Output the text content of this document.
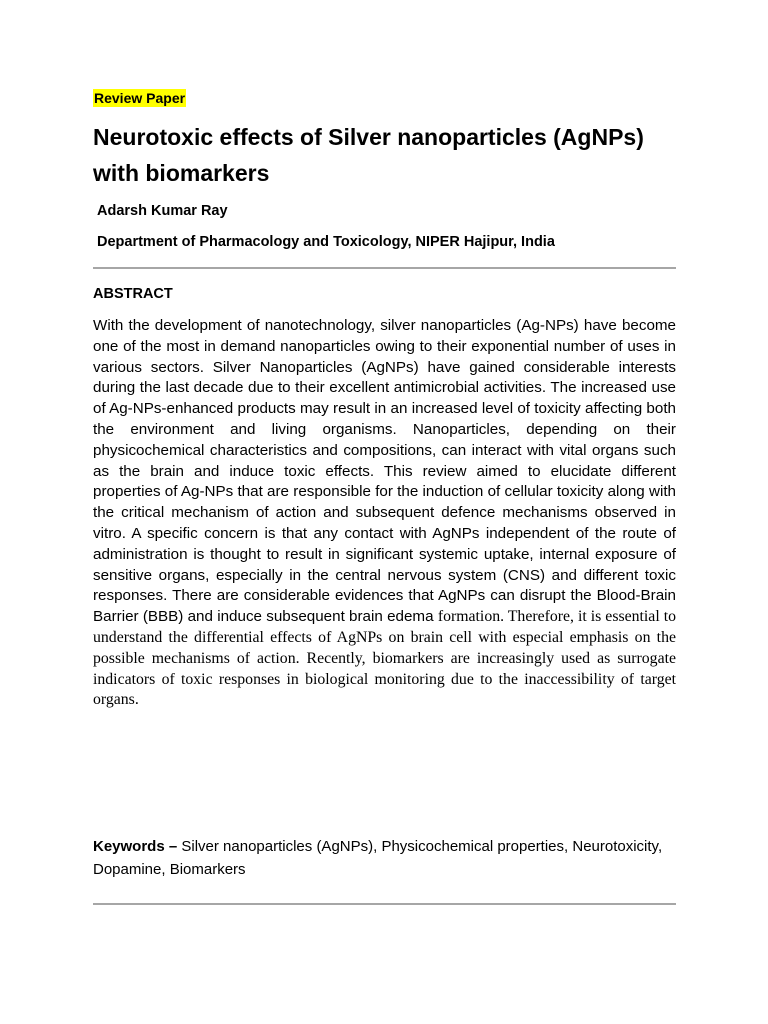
Review Paper
Neurotoxic effects of Silver nanoparticles (AgNPs) with biomarkers
Adarsh Kumar Ray
Department of Pharmacology and Toxicology, NIPER Hajipur, India
ABSTRACT
With the development of nanotechnology, silver nanoparticles (Ag-NPs) have become one of the most in demand nanoparticles owing to their exponential number of uses in various sectors. Silver Nanoparticles (AgNPs) have gained considerable interests during the last decade due to their excellent antimicrobial activities. The increased use of Ag-NPs-enhanced products may result in an increased level of toxicity affecting both the environment and living organisms. Nanoparticles, depending on their physicochemical characteristics and compositions, can interact with vital organs such as the brain and induce toxic effects. This review aimed to elucidate different properties of Ag-NPs that are responsible for the induction of cellular toxicity along with the critical mechanism of action and subsequent defence mechanisms observed in vitro. A specific concern is that any contact with AgNPs independent of the route of administration is thought to result in significant systemic uptake, internal exposure of sensitive organs, especially in the central nervous system (CNS) and different toxic responses. There are considerable evidences that AgNPs can disrupt the Blood-Brain Barrier (BBB) and induce subsequent brain edema formation. Therefore, it is essential to understand the differential effects of AgNPs on brain cell with especial emphasis on the possible mechanisms of action. Recently, biomarkers are increasingly used as surrogate indicators of toxic responses in biological monitoring due to the inaccessibility of target organs.
Keywords – Silver nanoparticles (AgNPs), Physicochemical properties, Neurotoxicity, Dopamine, Biomarkers
